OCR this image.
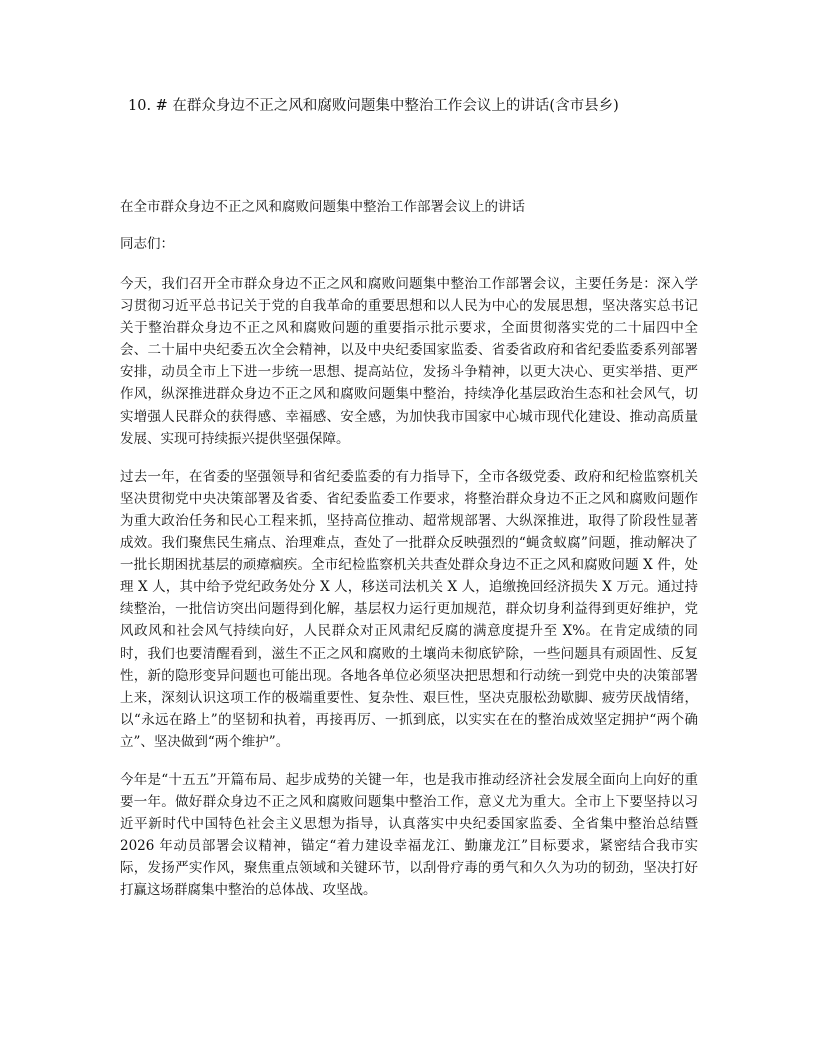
10. # 在群众身边不正之风和腐败问题集中整治工作会议上的讲话(含市县乡)

在全市群众身边不正之风和腐败问题集中整治工作部署会议上的讲话

同志们：

今天，我们召开全市群众身边不正之风和腐败问题集中整治工作部署会议，主要任务是：深入学习贯彻习近平总书记关于党的自我革命的重要思想和以人民为中心的发展思想，坚决落实总书记关于整治群众身边不正之风和腐败问题的重要指示批示要求，全面贯彻落实党的二十届四中全会、二十届中央纪委五次全会精神，以及中央纪委国家监委、省委省政府和省纪委监委系列部署安排，动员全市上下进一步统一思想、提高站位，发扬斗争精神，以更大决心、更实举措、更严作风，纵深推进群众身边不正之风和腐败问题集中整治，持续净化基层政治生态和社会风气，切实增强人民群众的获得感、幸福感、安全感，为加快我市国家中心城市现代化建设、推动高质量发展、实现可持续振兴提供坚强保障。

过去一年，在省委的坚强领导和省纪委监委的有力指导下，全市各级党委、政府和纪检监察机关坚决贯彻党中央决策部署及省委、省纪委监委工作要求，将整治群众身边不正之风和腐败问题作为重大政治任务和民心工程来抓，坚持高位推动、超常规部署、大纵深推进，取得了阶段性显著成效。我们聚焦民生痛点、治理难点，查处了一批群众反映强烈的“蝇贪蚁腐”问题，推动解决了一批长期困扰基层的顽瘴痼疾。全市纪检监察机关共查处群众身边不正之风和腐败问题 X 件，处理 X 人，其中给予党纪政务处分 X 人，移送司法机关 X 人，追缴挽回经济损失 X 万元。通过持续整治，一批信访突出问题得到化解，基层权力运行更加规范，群众切身利益得到更好维护，党风政风和社会风气持续向好，人民群众对正风肃纪反腐的满意度提升至 X%。在肯定成绩的同时，我们也要清醒看到，滋生不正之风和腐败的土壤尚未彻底铲除，一些问题具有顽固性、反复性，新的隐形变异问题也可能出现。各地各单位必须坚决把思想和行动统一到党中央的决策部署上来，深刻认识这项工作的极端重要性、复杂性、艰巨性，坚决克服松劲歇脚、疲劳厌战情绪，以“永远在路上”的坚韧和执着，再接再厉、一抓到底，以实实在在的整治成效坚定拥护“两个确立”、坚决做到“两个维护”。

今年是“十五五”开篇布局、起步成势的关键一年，也是我市推动经济社会发展全面向上向好的重要一年。做好群众身边不正之风和腐败问题集中整治工作，意义尤为重大。全市上下要坚持以习近平新时代中国特色社会主义思想为指导，认真落实中央纪委国家监委、全省集中整治总结暨 2026 年动员部署会议精神，锚定“着力建设幸福龙江、勤廉龙江”目标要求，紧密结合我市实际，发扬严实作风，聚焦重点领域和关键环节，以刮骨疗毒的勇气和久久为功的韧劲，坚决打好打赢这场群腐集中整治的总体战、攻坚战。
